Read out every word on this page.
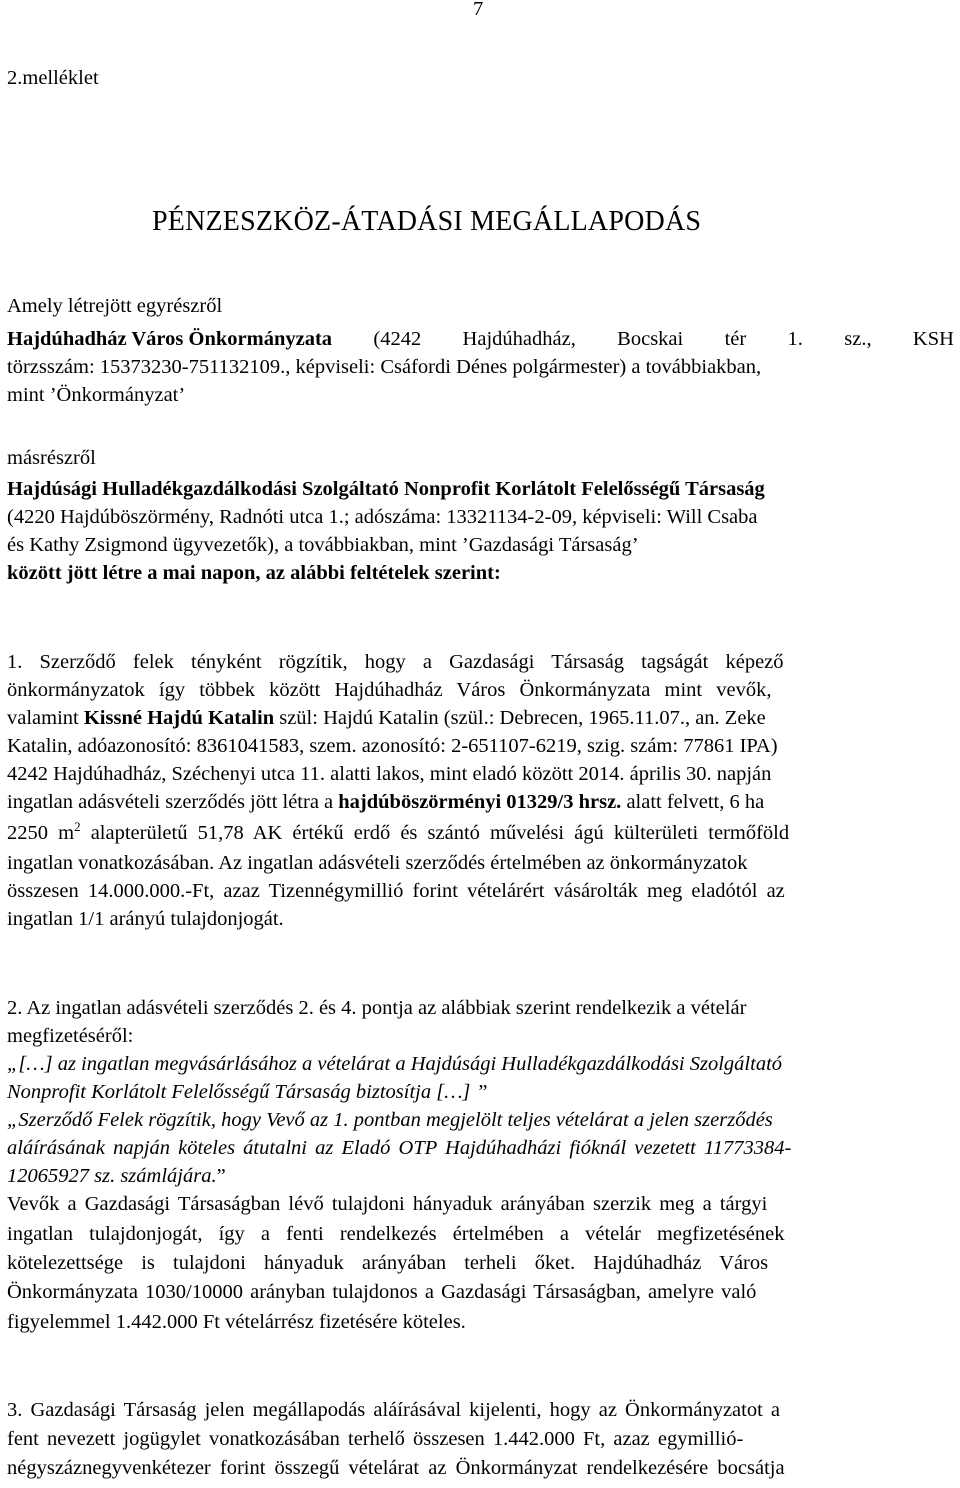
7
2.melléklet
PÉNZESZKÖZ-ÁTADÁSI MEGÁLLAPODÁS
Amely létrejött egyrészről
Hajdúhadház Város Önkormányzata (4242 Hajdúhadház, Bocskai tér 1. sz., KSH
törzsszám: 15373230-751132109., képviseli: Csáfordi Dénes polgármester) a továbbiakban,
mint ’Önkormányzat’
másrészről
Hajdúsági Hulladékgazdálkodási Szolgáltató Nonprofit Korlátolt Felelősségű Társaság
(4220 Hajdúböszörmény, Radnóti utca 1.; adószáma: 13321134-2-09, képviseli: Will Csaba
és Kathy Zsigmond ügyvezetők), a továbbiakban, mint ’Gazdasági Társaság’
között jött létre a mai napon, az alábbi feltételek szerint:
1. Szerződő felek tényként rögzítik, hogy a Gazdasági Társaság tagságát képező
önkormányzatok így többek között Hajdúhadház Város Önkormányzata mint vevők,
valamint Kissné Hajdú Katalin szül: Hajdú Katalin (szül.: Debrecen, 1965.11.07., an. Zeke
Katalin, adóazonosító: 8361041583, szem. azonosító: 2-651107-6219, szig. szám: 77861 IPA)
4242 Hajdúhadház, Széchenyi utca 11. alatti lakos, mint eladó között 2014. április 30. napján
ingatlan adásvételi szerződés jött létra a hajdúböszörményi 01329/3 hrsz. alatt felvett, 6 ha
2250 $m^2$ alapterületű 51,78 AK értékű erdő és szántó művelési ágú külterületi termőföld
ingatlan vonatkozásában. Az ingatlan adásvételi szerződés értelmében az önkormányzatok
összesen 14.000.000.-Ft, azaz Tizennégymillió forint vételárért vásárolták meg eladótól az
ingatlan 1/1 arányú tulajdonjogát.
2. Az ingatlan adásvételi szerződés 2. és 4. pontja az alábbiak szerint rendelkezik a vételár
megfizetéséről:
„[…] az ingatlan megvásárlásához a vételárat a Hajdúsági Hulladékgazdálkodási Szolgáltató
Nonprofit Korlátolt Felelősségű Társaság biztosítja […] ”
„Szerződő Felek rögzítik, hogy Vevő az 1. pontban megjelölt teljes vételárat a jelen szerződés
aláírásának napján köteles átutalni az Eladó OTP Hajdúhadházi fióknál vezetett 11773384-
12065927 sz. számlájára.”
Vevők a Gazdasági Társaságban lévő tulajdoni hányaduk arányában szerzik meg a tárgyi
ingatlan tulajdonjogát, így a fenti rendelkezés értelmében a vételár megfizetésének
kötelezettsége is tulajdoni hányaduk arányában terheli őket. Hajdúhadház Város
Önkormányzata 1030/10000 arányban tulajdonos a Gazdasági Társaságban, amelyre való
figyelemmel 1.442.000 Ft vételárrész fizetésére köteles.
3. Gazdasági Társaság jelen megállapodás aláírásával kijelenti, hogy az Önkormányzatot a
fent nevezett jogügylet vonatkozásában terhelő összesen 1.442.000 Ft, azaz egymillió-
négyszáznegyvenkétezer forint összegű vételárat az Önkormányzat rendelkezésére bocsátja
